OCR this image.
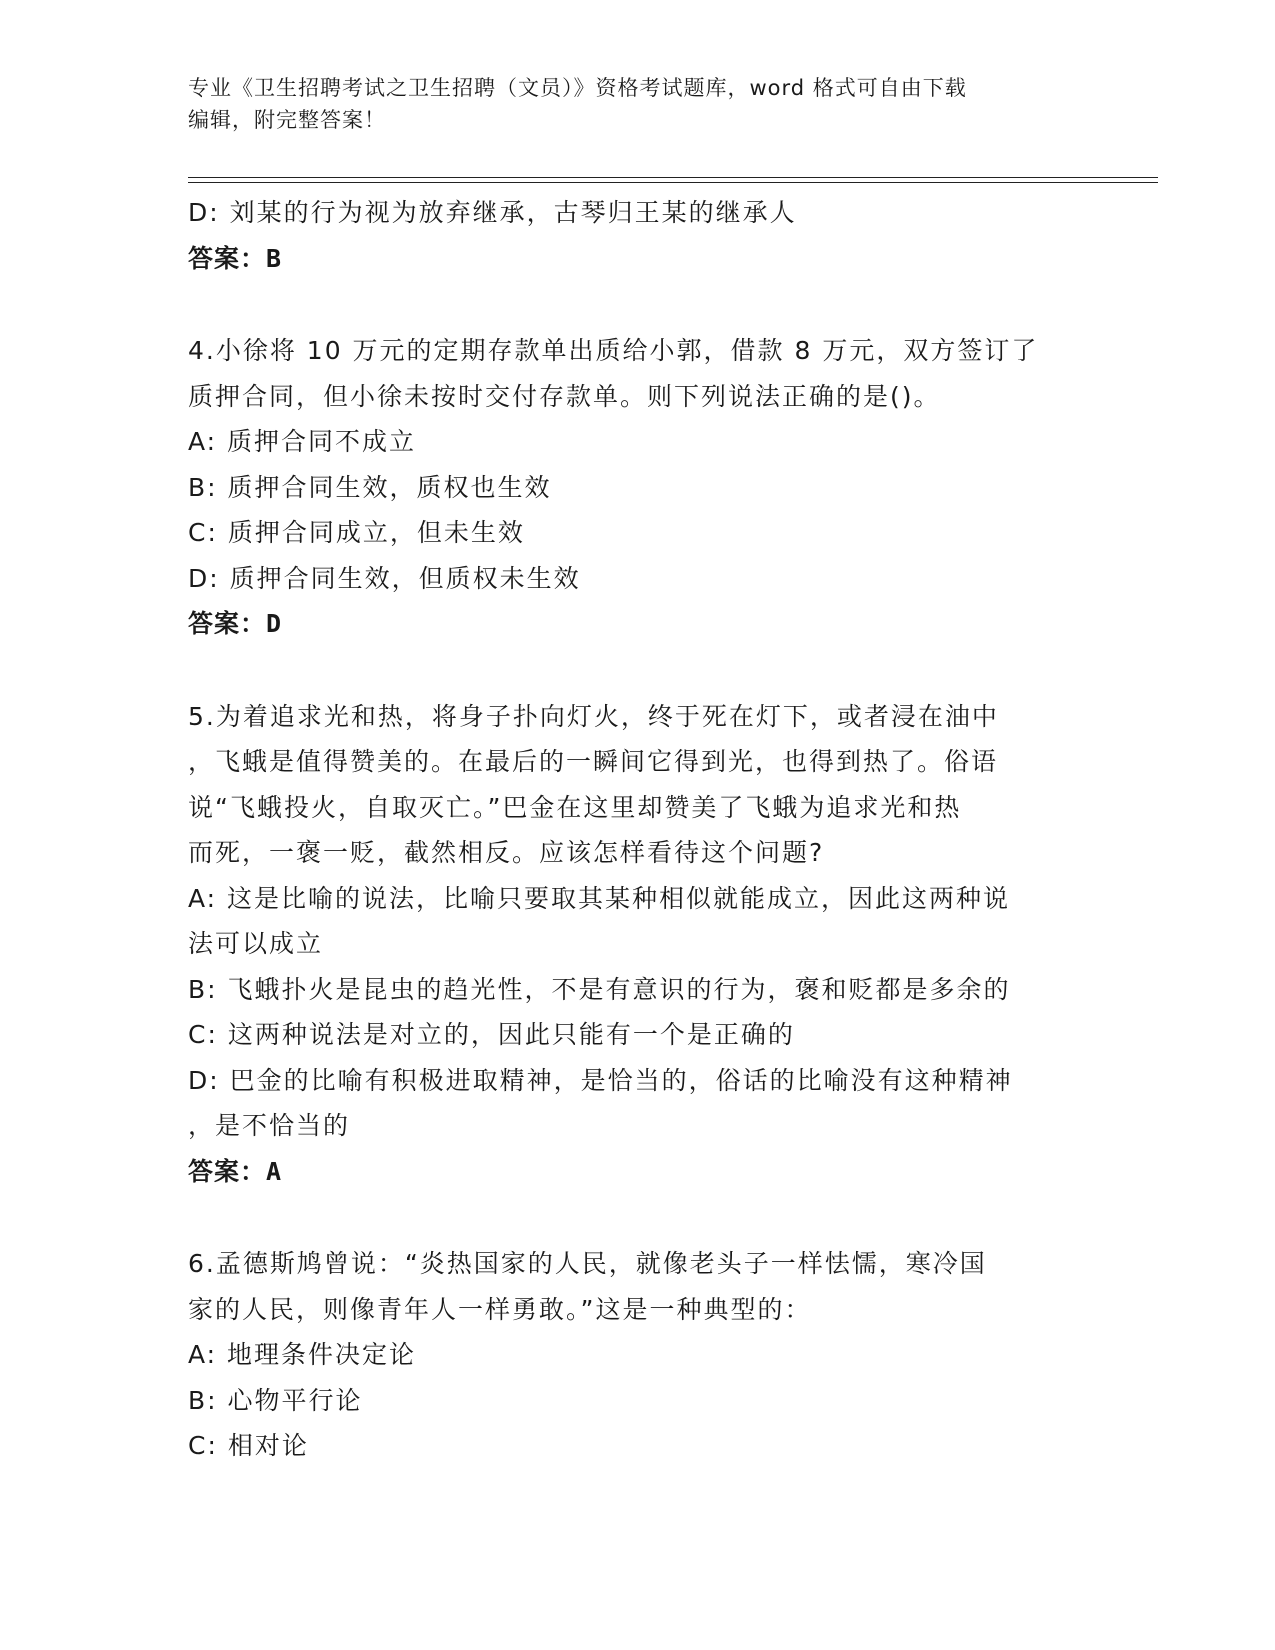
专业《卫生招聘考试之卫生招聘（文员）》资格考试题库，word 格式可自由下载
编辑，附完整答案！
D: 刘某的行为视为放弃继承，古琴归王某的继承人
答案：B
4.小徐将 10 万元的定期存款单出质给小郭，借款 8 万元，双方签订了
质押合同，但小徐未按时交付存款单。则下列说法正确的是()。
A: 质押合同不成立
B: 质押合同生效，质权也生效
C: 质押合同成立，但未生效
D: 质押合同生效，但质权未生效
答案：D
5.为着追求光和热，将身子扑向灯火，终于死在灯下，或者浸在油中
，飞蛾是值得赞美的。在最后的一瞬间它得到光，也得到热了。俗语
说“飞蛾投火，自取灭亡。”巴金在这里却赞美了飞蛾为追求光和热
而死，一褒一贬，截然相反。应该怎样看待这个问题?
A: 这是比喻的说法，比喻只要取其某种相似就能成立，因此这两种说
法可以成立
B: 飞蛾扑火是昆虫的趋光性，不是有意识的行为，褒和贬都是多余的
C: 这两种说法是对立的，因此只能有一个是正确的
D: 巴金的比喻有积极进取精神，是恰当的，俗话的比喻没有这种精神
，是不恰当的
答案：A
6.孟德斯鸠曾说：“炎热国家的人民，就像老头子一样怯懦，寒冷国
家的人民，则像青年人一样勇敢。”这是一种典型的：
A: 地理条件决定论
B: 心物平行论
C: 相对论
